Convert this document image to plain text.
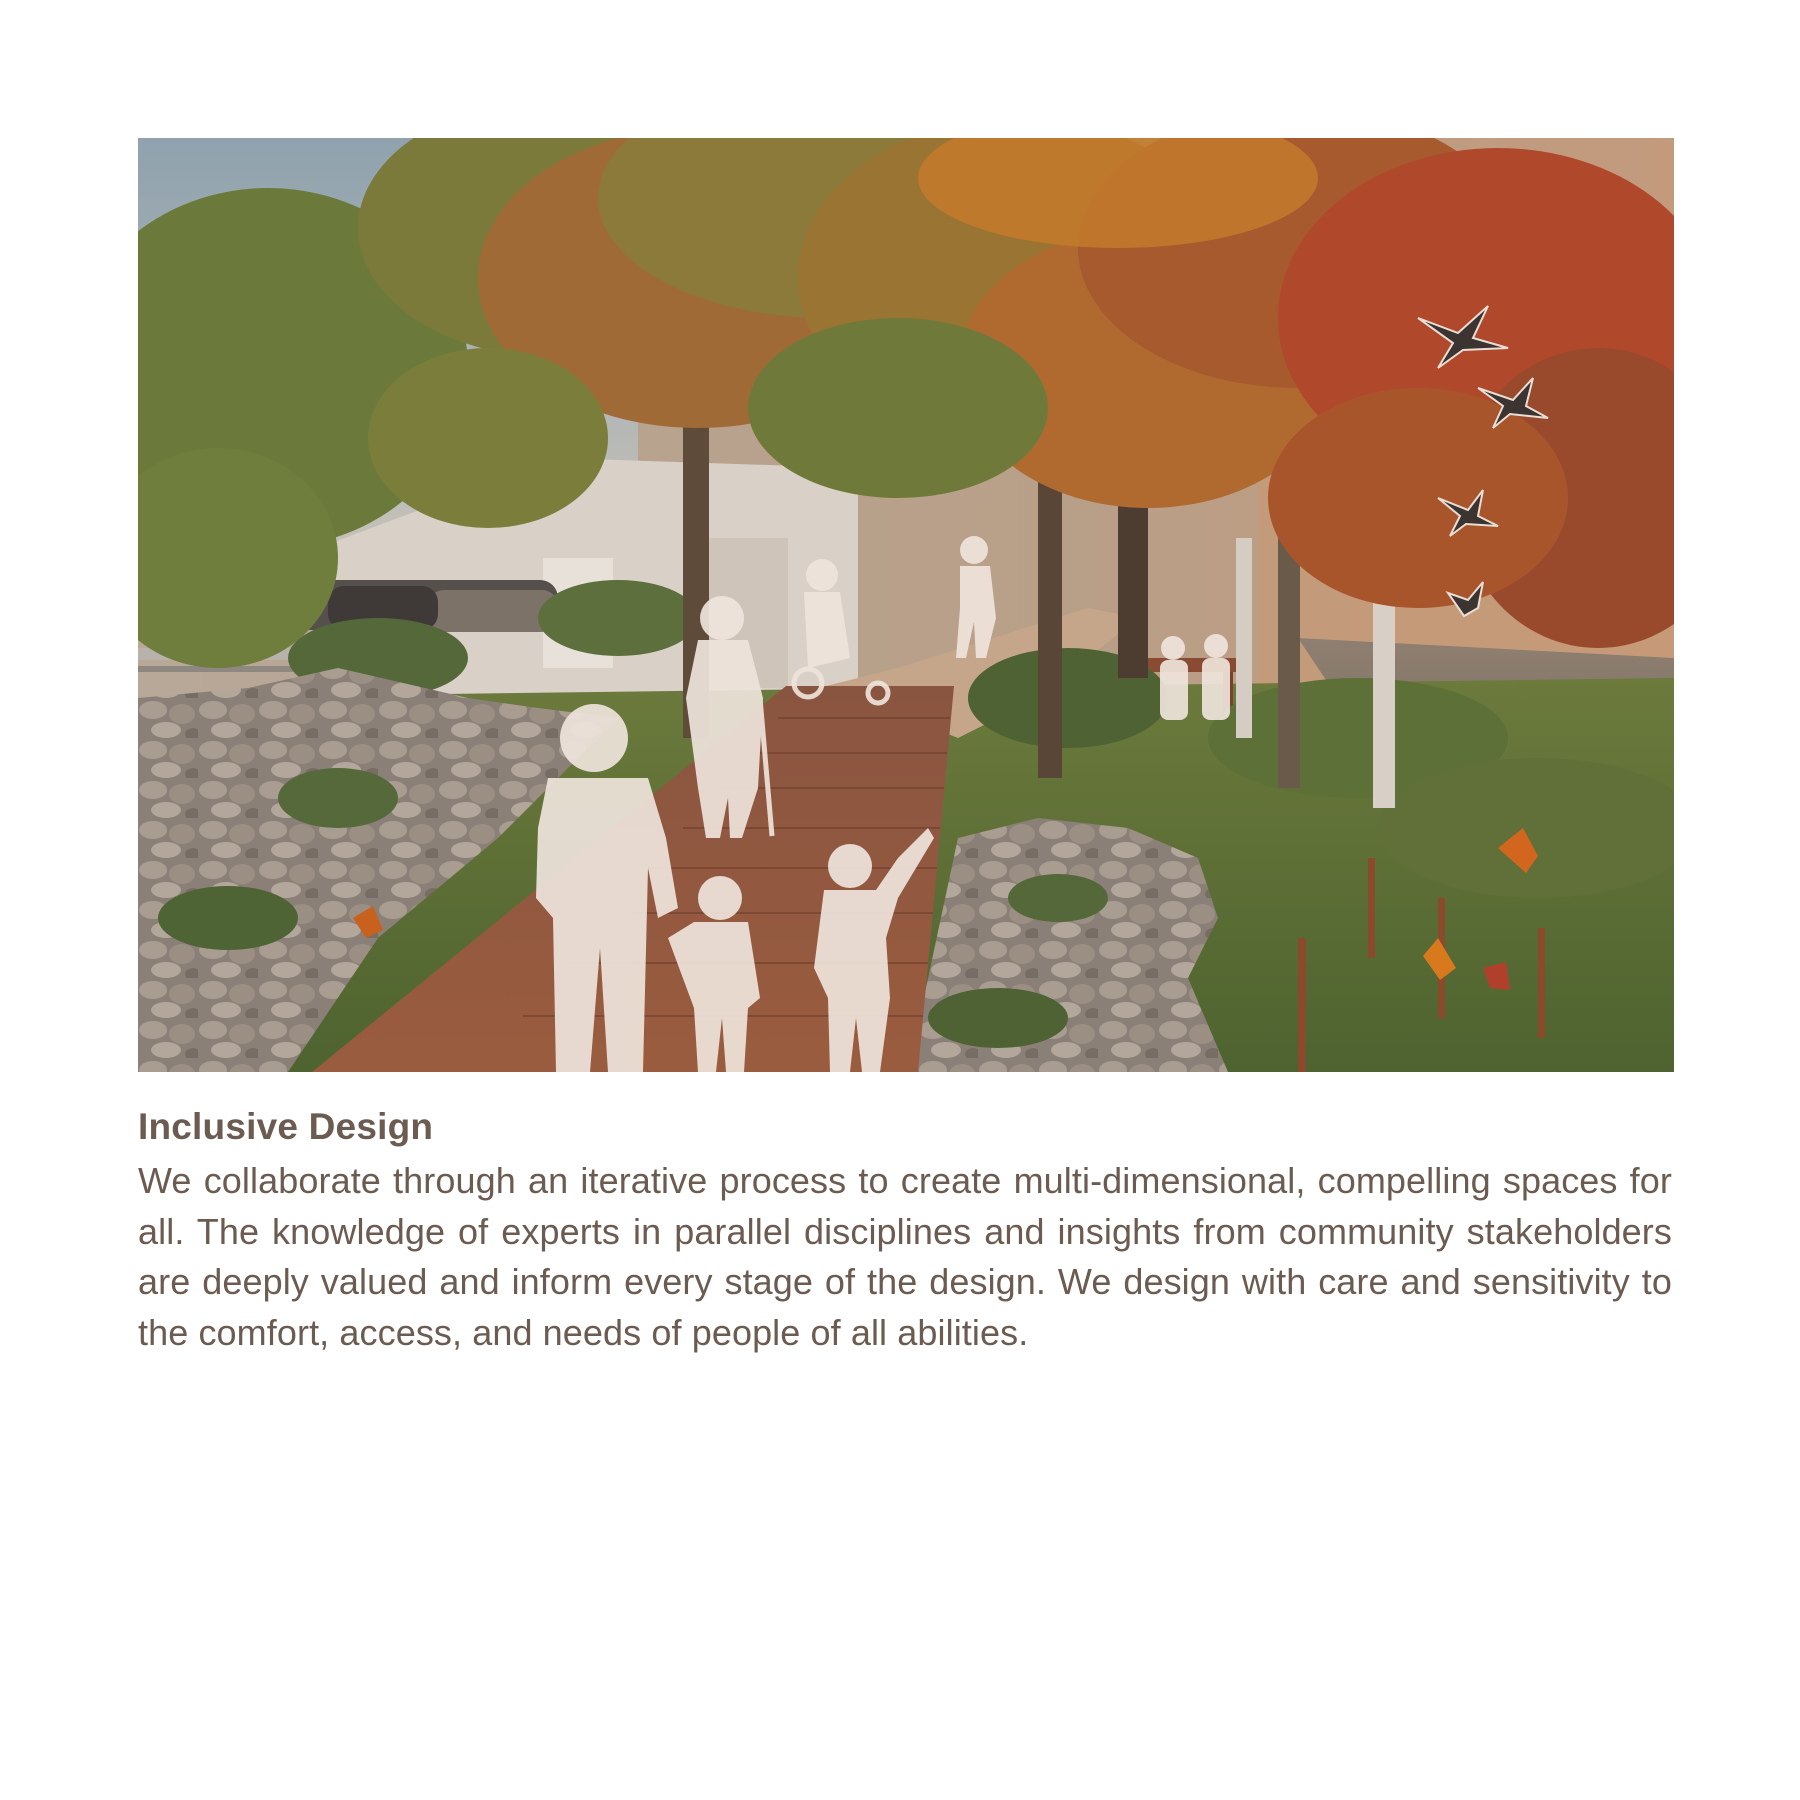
Inclusive Design

We collaborate through an iterative process to create multi-dimensional, compelling spaces for all. The knowledge of experts in parallel disciplines and insights from community stakeholders are deeply valued and inform every stage of the design. We design with care and sensitivity to the comfort, access, and needs of people of all abilities.
